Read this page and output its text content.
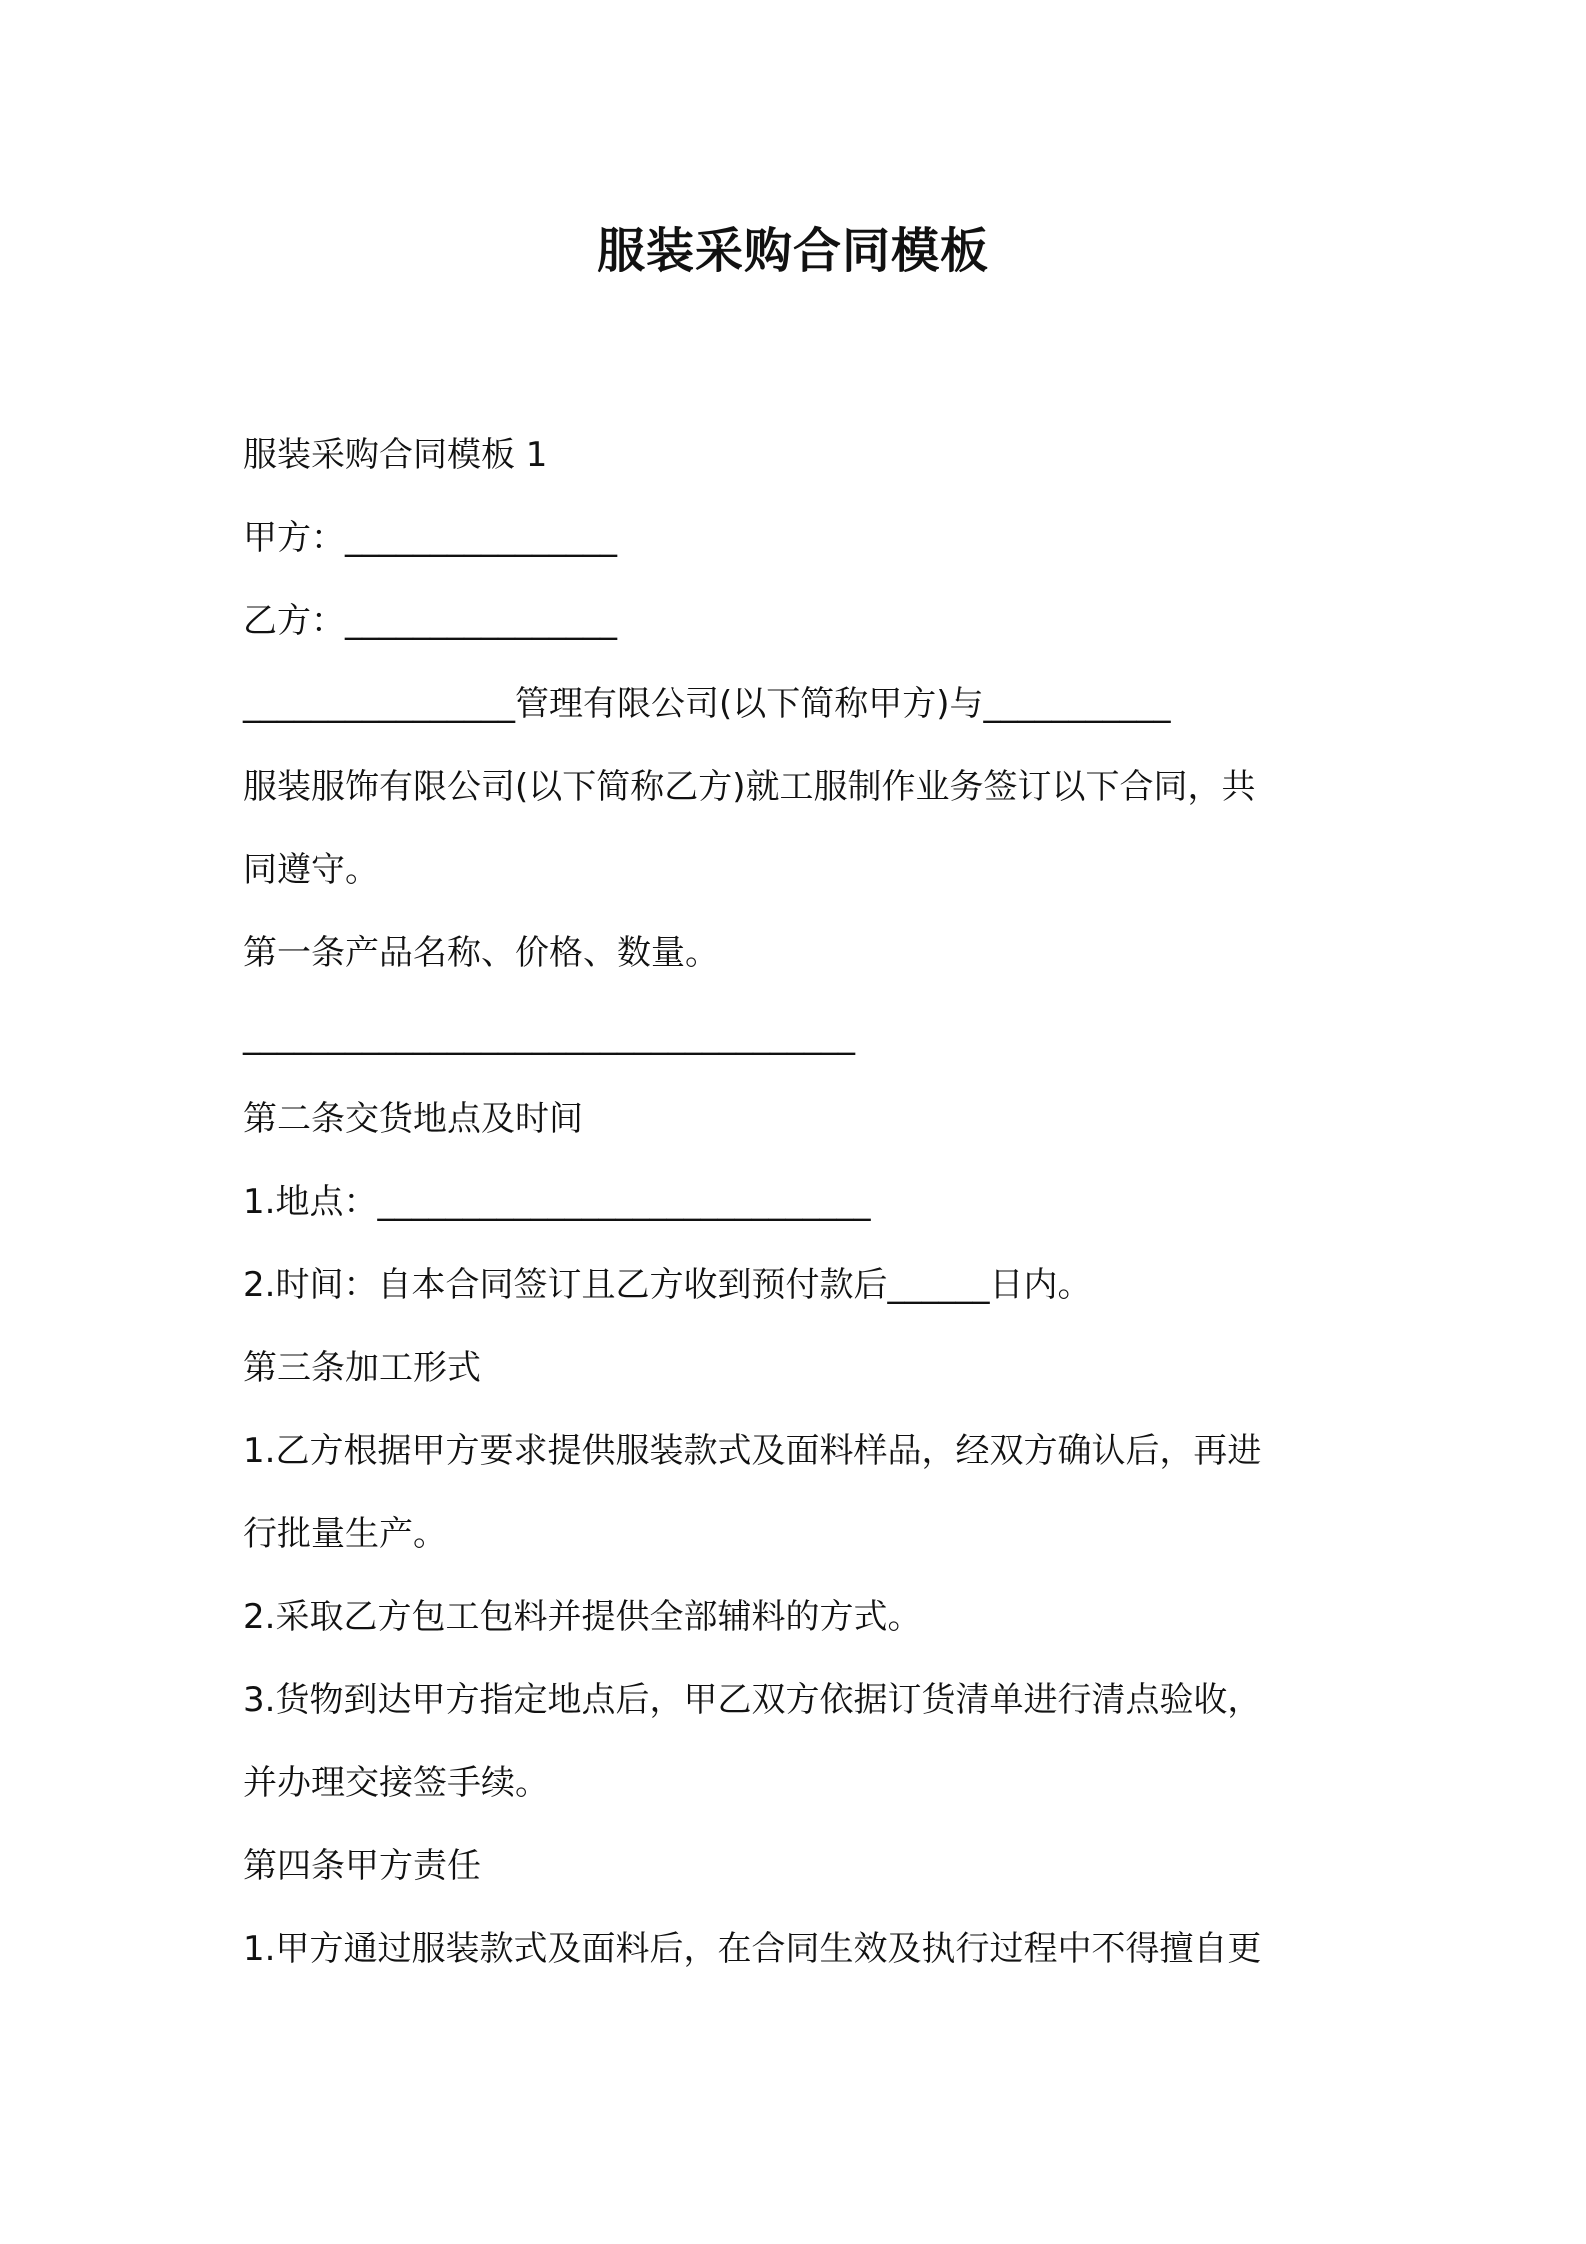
服装采购合同模板

服装采购合同模板 1

甲方：________________

乙方：________________

________________管理有限公司(以下简称甲方)与___________

服装服饰有限公司(以下简称乙方)就工服制作业务签订以下合同，共

同遵守。

第一条产品名称、价格、数量。

____________________________________

第二条交货地点及时间

1.地点：_____________________________

2.时间：自本合同签订且乙方收到预付款后______日内。

第三条加工形式

1.乙方根据甲方要求提供服装款式及面料样品，经双方确认后，再进

行批量生产。

2.采取乙方包工包料并提供全部辅料的方式。

3.货物到达甲方指定地点后，甲乙双方依据订货清单进行清点验收，

并办理交接签手续。

第四条甲方责任

1.甲方通过服装款式及面料后，在合同生效及执行过程中不得擅自更
